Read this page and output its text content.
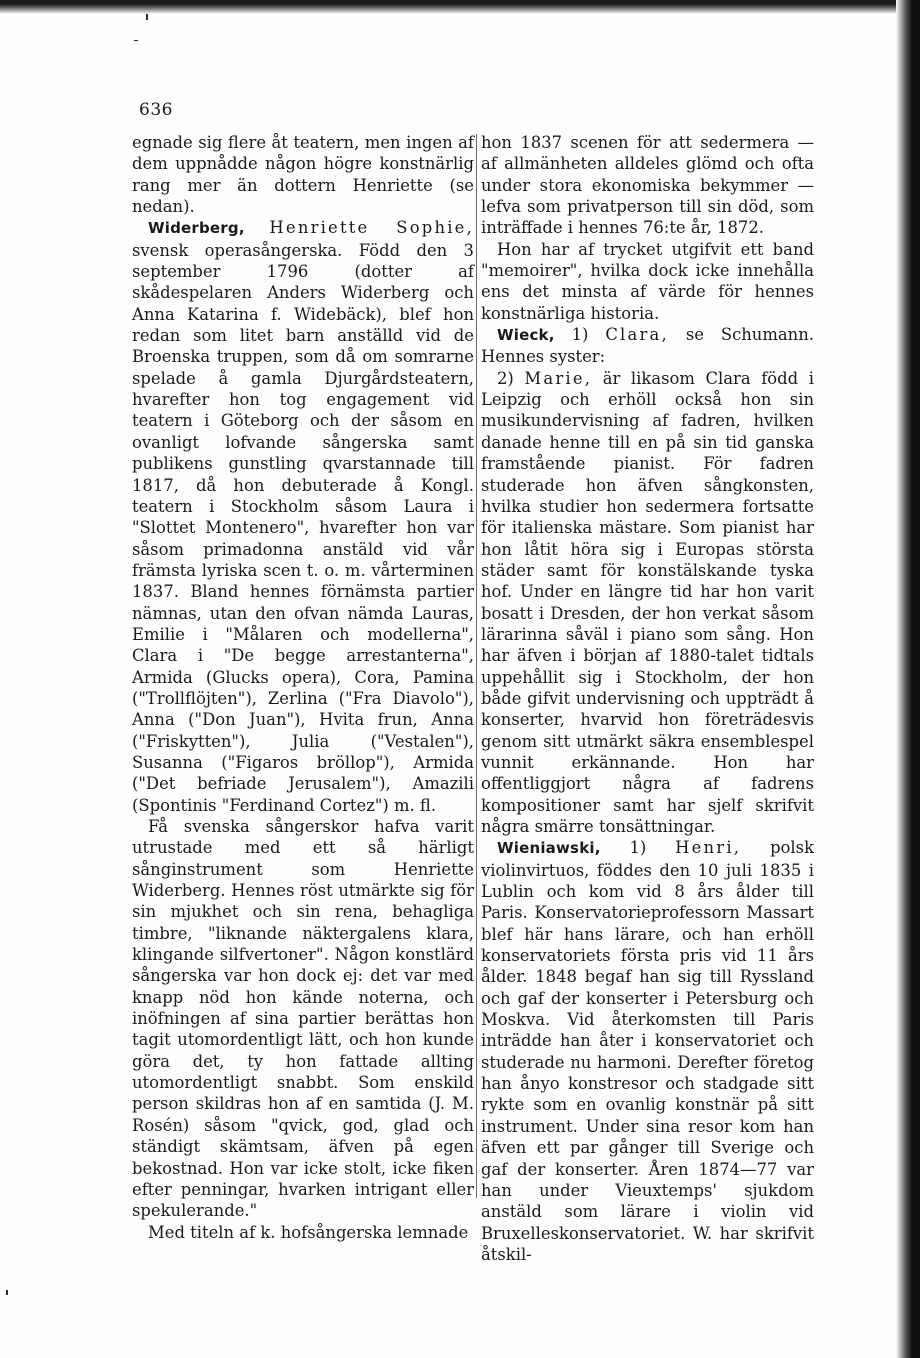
636

egnade sig flere åt teatern, men ingen af dem uppnådde någon högre konstnärlig rang mer än dottern Henriette (se nedan).

Widerberg, Henriette Sophie, svensk operasångerska. Född den 3 september 1796 (dotter af skådespelaren Anders Widerberg och Anna Katarina f. Widebäck), blef hon redan som litet barn anställd vid de Broenska truppen, som då om somrarne spelade å gamla Djurgårdsteatern, hvarefter hon tog engagement vid teatern i Göteborg och der såsom en ovanligt lofvande sångerska samt publikens gunstling qvarstannade till 1817, då hon debuterade å Kongl. teatern i Stockholm såsom Laura i "Slottet Montenero", hvarefter hon var såsom primadonna anstäld vid vår främsta lyriska scen t. o. m. vårterminen 1837. Bland hennes förnämsta partier nämnas, utan den ofvan nämda Lauras, Emilie i "Målaren och modellerna", Clara i "De begge arrestanterna", Armida (Glucks opera), Cora, Pamina ("Trollflöjten"), Zerlina ("Fra Diavolo"), Anna ("Don Juan"), Hvita frun, Anna ("Friskytten"), Julia ("Vestalen"), Susanna ("Figaros bröllop"), Armida ("Det befriade Jerusalem"), Amazili (Spontinis "Ferdinand Cortez") m. fl.

Få svenska sångerskor hafva varit utrustade med ett så härligt sånginstrument som Henriette Widerberg. Hennes röst utmärkte sig för sin mjukhet och sin rena, behagliga timbre, "liknande näktergalens klara, klingande silfvertoner". Någon konstlärd sångerska var hon dock ej: det var med knapp nöd hon kände noterna, och inöfningen af sina partier berättas hon tagit utomordentligt lätt, och hon kunde göra det, ty hon fattade allting utomordentligt snabbt. Som enskild person skildras hon af en samtida (J. M. Rosén) såsom "qvick, god, glad och ständigt skämtsam, äfven på egen bekostnad. Hon var icke stolt, icke fiken efter penningar, hvarken intrigant eller spekulerande."

Med titeln af k. hofsångerska lemnade

hon 1837 scenen för att sedermera — af allmänheten alldeles glömd och ofta under stora ekonomiska bekymmer — lefva som privatperson till sin död, som inträffade i hennes 76:te år, 1872.

Hon har af trycket utgifvit ett band "memoirer", hvilka dock icke innehålla ens det minsta af värde för hennes konstnärliga historia.

Wieck, 1) Clara, se Schumann. Hennes syster:

2) Marie, är likasom Clara född i Leipzig och erhöll också hon sin musikundervisning af fadren, hvilken danade henne till en på sin tid ganska framstående pianist. För fadren studerade hon äfven sångkonsten, hvilka studier hon sedermera fortsatte för italienska mästare. Som pianist har hon låtit höra sig i Europas största städer samt för konstälskande tyska hof. Under en längre tid har hon varit bosatt i Dresden, der hon verkat såsom lärarinna såväl i piano som sång. Hon har äfven i början af 1880-talet tidtals uppehållit sig i Stockholm, der hon både gifvit undervisning och uppträdt å konserter, hvarvid hon företrädesvis genom sitt utmärkt säkra ensemblespel vunnit erkännande. Hon har offentliggjort några af fadrens kompositioner samt har sjelf skrifvit några smärre tonsättningar.

Wieniawski, 1) Henri, polsk violinvirtuos, föddes den 10 juli 1835 i Lublin och kom vid 8 års ålder till Paris. Konservatorieprofessorn Massart blef här hans lärare, och han erhöll konservatoriets första pris vid 11 års ålder. 1848 begaf han sig till Ryssland och gaf der konserter i Petersburg och Moskva. Vid återkomsten till Paris inträdde han åter i konservatoriet och studerade nu harmoni. Derefter företog han ånyo konstresor och stadgade sitt rykte som en ovanlig konstnär på sitt instrument. Under sina resor kom han äfven ett par gånger till Sverige och gaf der konserter. Åren 1874—77 var han under Vieuxtemps' sjukdom anstäld som lärare i violin vid Bruxelleskonservatoriet. W. har skrifvit åtskil-
